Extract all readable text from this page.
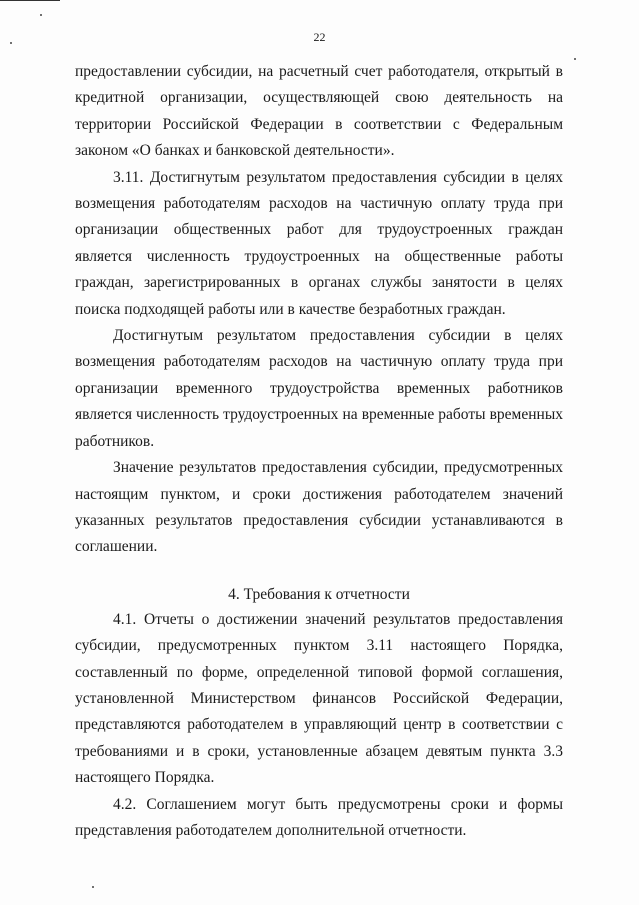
22

предоставлении субсидии, на расчетный счет работодателя, открытый в кредитной организации, осуществляющей свою деятельность на территории Российской Федерации в соответствии с Федеральным законом «О банках и банковской деятельности».

3.11. Достигнутым результатом предоставления субсидии в целях возмещения работодателям расходов на частичную оплату труда при организации общественных работ для трудоустроенных граждан является численность трудоустроенных на общественные работы граждан, зарегистрированных в органах службы занятости в целях поиска подходящей работы или в качестве безработных граждан.

Достигнутым результатом предоставления субсидии в целях возмещения работодателям расходов на частичную оплату труда при организации временного трудоустройства временных работников является численность трудоустроенных на временные работы временных работников.

Значение результатов предоставления субсидии, предусмотренных настоящим пунктом, и сроки достижения работодателем значений указанных результатов предоставления субсидии устанавливаются в соглашении.

4. Требования к отчетности

4.1. Отчеты о достижении значений результатов предоставления субсидии, предусмотренных пунктом 3.11 настоящего Порядка, составленный по форме, определенной типовой формой соглашения, установленной Министерством финансов Российской Федерации, представляются работодателем в управляющий центр в соответствии с требованиями и в сроки, установленные абзацем девятым пункта 3.3 настоящего Порядка.

4.2. Соглашением могут быть предусмотрены сроки и формы представления работодателем дополнительной отчетности.
